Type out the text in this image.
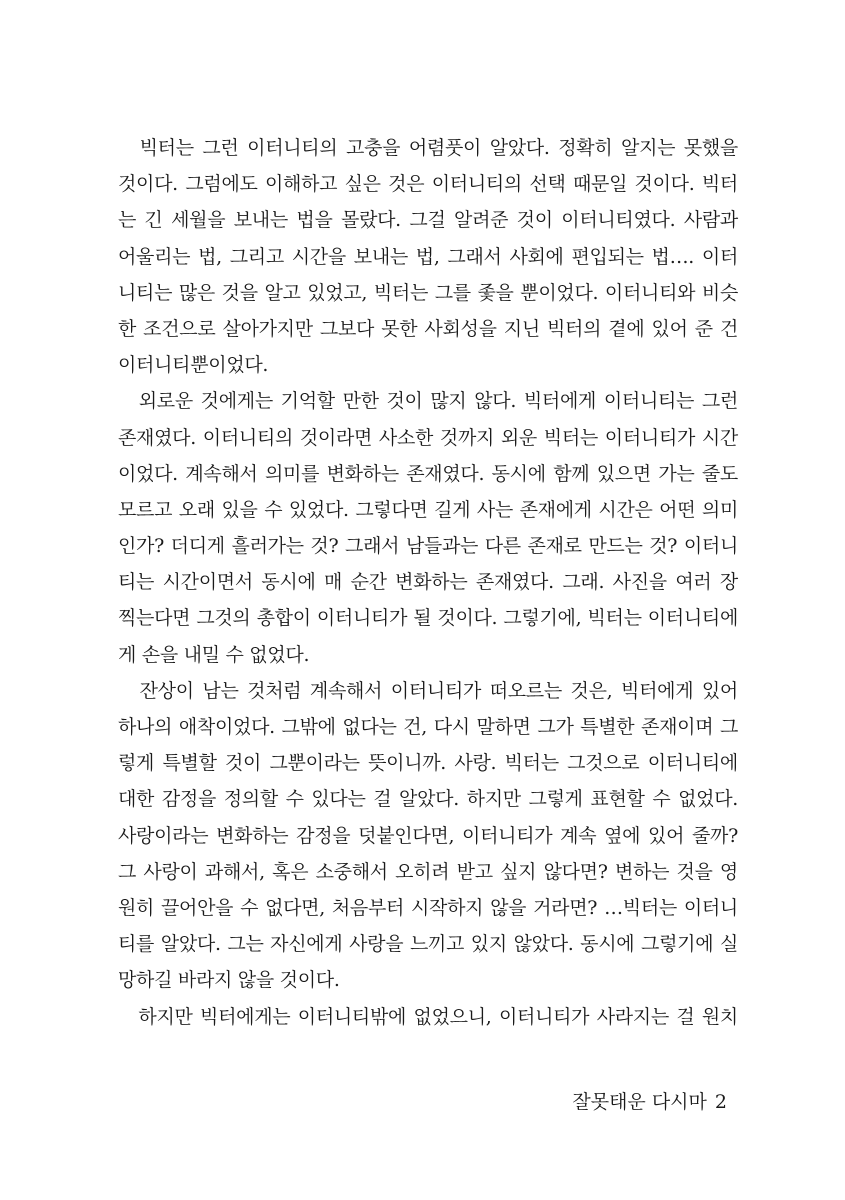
　빅터는 그런 이터니티의 고충을 어렴풋이 알았다. 정확히 알지는 못했을
것이다. 그럼에도 이해하고 싶은 것은 이터니티의 선택 때문일 것이다. 빅터
는 긴 세월을 보내는 법을 몰랐다. 그걸 알려준 것이 이터니티였다. 사람과
어울리는 법, 그리고 시간을 보내는 법, 그래서 사회에 편입되는 법…. 이터
니티는 많은 것을 알고 있었고, 빅터는 그를 좇을 뿐이었다. 이터니티와 비슷
한 조건으로 살아가지만 그보다 못한 사회성을 지닌 빅터의 곁에 있어 준 건
이터니티뿐이었다.

　외로운 것에게는 기억할 만한 것이 많지 않다. 빅터에게 이터니티는 그런
존재였다. 이터니티의 것이라면 사소한 것까지 외운 빅터는 이터니티가 시간
이었다. 계속해서 의미를 변화하는 존재였다. 동시에 함께 있으면 가는 줄도
모르고 오래 있을 수 있었다. 그렇다면 길게 사는 존재에게 시간은 어떤 의미
인가? 더디게 흘러가는 것? 그래서 남들과는 다른 존재로 만드는 것? 이터니
티는 시간이면서 동시에 매 순간 변화하는 존재였다. 그래. 사진을 여러 장
찍는다면 그것의 총합이 이터니티가 될 것이다. 그렇기에, 빅터는 이터니티에
게 손을 내밀 수 없었다.

　잔상이 남는 것처럼 계속해서 이터니티가 떠오르는 것은, 빅터에게 있어
하나의 애착이었다. 그밖에 없다는 건, 다시 말하면 그가 특별한 존재이며 그
렇게 특별할 것이 그뿐이라는 뜻이니까. 사랑. 빅터는 그것으로 이터니티에
대한 감정을 정의할 수 있다는 걸 알았다. 하지만 그렇게 표현할 수 없었다.
사랑이라는 변화하는 감정을 덧붙인다면, 이터니티가 계속 옆에 있어 줄까?
그 사랑이 과해서, 혹은 소중해서 오히려 받고 싶지 않다면? 변하는 것을 영
원히 끌어안을 수 없다면, 처음부터 시작하지 않을 거라면? …빅터는 이터니
티를 알았다. 그는 자신에게 사랑을 느끼고 있지 않았다. 동시에 그렇기에 실
망하길 바라지 않을 것이다.

　하지만 빅터에게는 이터니티밖에 없었으니, 이터니티가 사라지는 걸 원치

잘못태운 다시마 2
